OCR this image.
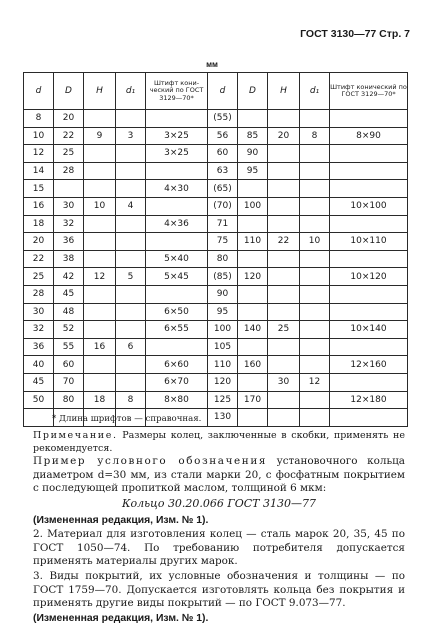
ГОСТ 3130—77 Стр. 7
мм
d	D	H	d₁	Штифт конический по ГОСТ 3129—70*	d	D	H	d₁	Штифт конический по ГОСТ 3129—70*
8	20				(55)				
10	22	9	3	3×25	56	85	20	8	8×90
12	25			3×25	60	90			
14	28				63	95			
15				4×30	(65)				
16	30	10	4		(70)	100			10×100
18	32			4×36	71				
20	36				75	110	22	10	10×110
22	38			5×40	80				
25	42	12	5	5×45	(85)	120			10×120
28	45				90				
30	48			6×50	95				
32	52			6×55	100	140	25		10×140
36	55	16	6		105				
40	60			6×60	110	160			12×160
45	70			6×70	120		30	12	
50	80	18	8	8×80	125	170			12×180
					130				
* Длина шрифтов — справочная.
Примечание. Размеры колец, заключенные в скобки, применять не рекомендуется.
Пример условного обозначения установочного кольца диаметром d=30 мм, из стали марки 20, с фосфатным покрытием с последующей пропиткой маслом, толщиной 6 мкм:
Кольцо 30.20.066 ГОСТ 3130—77
(Измененная редакция, Изм. № 1).
2. Материал для изготовления колец — сталь марок 20, 35, 45 по ГОСТ 1050—74. По требованию потребителя допускается применять материалы других марок.
3. Виды покрытий, их условные обозначения и толщины — по ГОСТ 1759—70. Допускается изготовлять кольца без покрытия и применять другие виды покрытий — по ГОСТ 9.073—77.
(Измененная редакция, Изм. № 1).
